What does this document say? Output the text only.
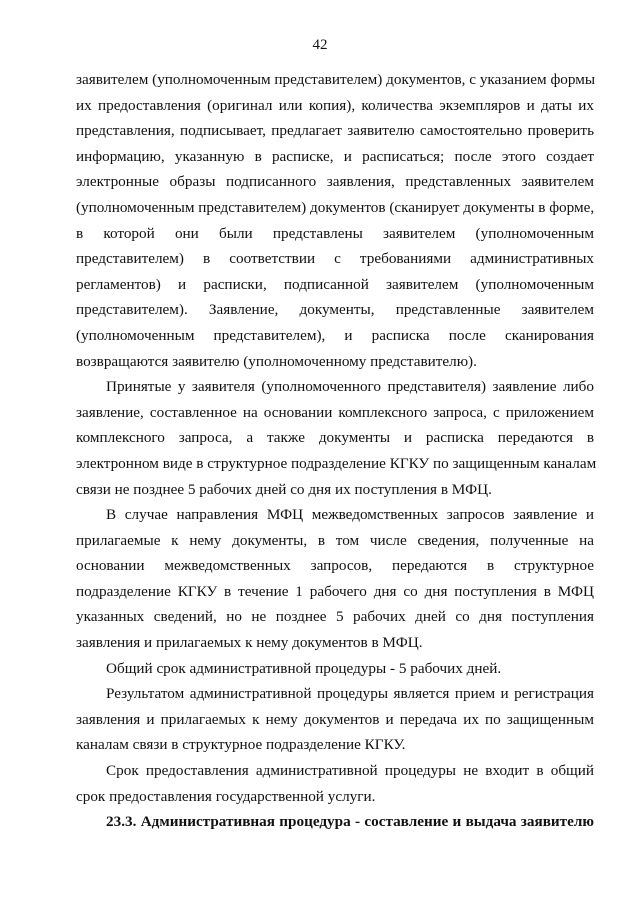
42
заявителем (уполномоченным представителем) документов, с указанием формы
их предоставления (оригинал или копия), количества экземпляров и даты их
представления, подписывает, предлагает заявителю самостоятельно проверить
информацию, указанную в расписке, и расписаться; после этого создает
электронные образы подписанного заявления, представленных заявителем
(уполномоченным представителем) документов (сканирует документы в форме,
в которой они были представлены заявителем (уполномоченным
представителем) в соответствии с требованиями административных
регламентов) и расписки, подписанной заявителем (уполномоченным
представителем). Заявление, документы, представленные заявителем
(уполномоченным представителем), и расписка после сканирования
возвращаются заявителю (уполномоченному представителю).
Принятые у заявителя (уполномоченного представителя) заявление либо
заявление, составленное на основании комплексного запроса, с приложением
комплексного запроса, а также документы и расписка передаются в
электронном виде в структурное подразделение КГКУ по защищенным каналам
связи не позднее 5 рабочих дней со дня их поступления в МФЦ.
В случае направления МФЦ межведомственных запросов заявление и
прилагаемые к нему документы, в том числе сведения, полученные на
основании межведомственных запросов, передаются в структурное
подразделение КГКУ в течение 1 рабочего дня со дня поступления в МФЦ
указанных сведений, но не позднее 5 рабочих дней со дня поступления
заявления и прилагаемых к нему документов в МФЦ.
Общий срок административной процедуры - 5 рабочих дней.
Результатом административной процедуры является прием и регистрация
заявления и прилагаемых к нему документов и передача их по защищенным
каналам связи в структурное подразделение КГКУ.
Срок предоставления административной процедуры не входит в общий
срок предоставления государственной услуги.
23.3. Административная процедура - составление и выдача заявителю
